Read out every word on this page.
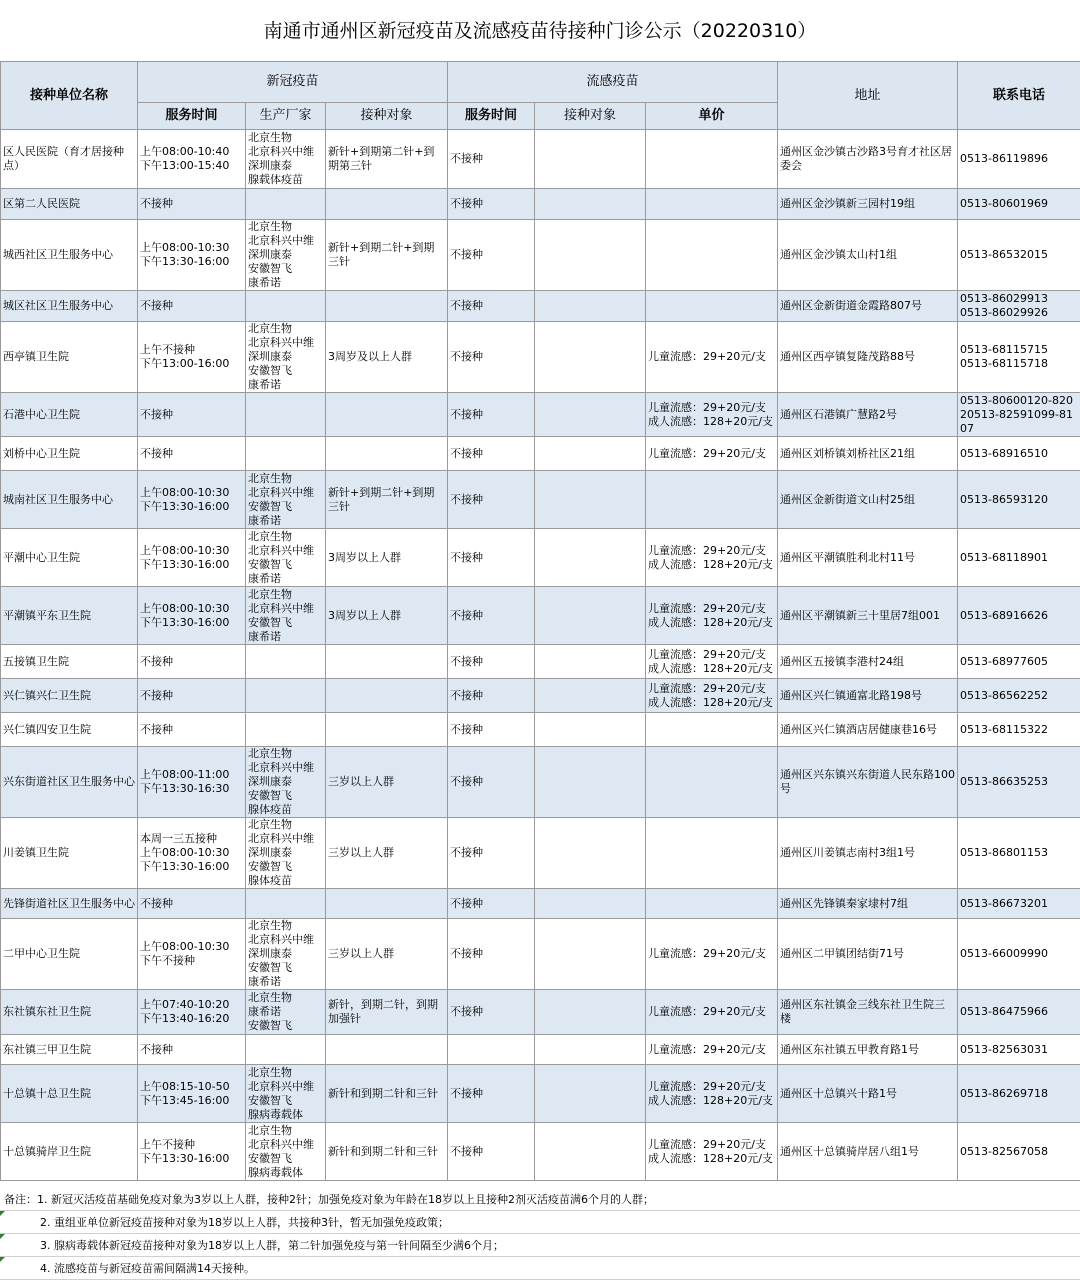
南通市通州区新冠疫苗及流感疫苗待接种门诊公示（20220310）
接种单位名称	新冠疫苗			流感疫苗			地址	联系电话
	服务时间	生产厂家	接种对象	服务时间	接种对象	单价		
区人民医院（育才居接种点）	上午08:00-10:40
下午13:00-15:40	北京生物
北京科兴中维
深圳康泰
腺载体疫苗	新针+到期第二针+到期第三针	不接种			通州区金沙镇古沙路3号育才社区居委会	0513-86119896
区第二人民医院	不接种			不接种			通州区金沙镇新三园村19组	0513-80601969
城西社区卫生服务中心	上午08:00-10:30
下午13:30-16:00	北京生物
北京科兴中维
深圳康泰
安徽智飞
康希诺	新针+到期二针+到期三针	不接种			通州区金沙镇太山村1组	0513-86532015
城区社区卫生服务中心	不接种			不接种			通州区金新街道金霞路807号	0513-86029913
0513-86029926
西亭镇卫生院	上午不接种
下午13:00-16:00	北京生物
北京科兴中维
深圳康泰
安徽智飞
康希诺	3周岁及以上人群	不接种		儿童流感：29+20元/支	通州区西亭镇复隆茂路88号	0513-68115715
0513-68115718
石港中心卫生院	不接种			不接种		儿童流感：29+20元/支
成人流感：128+20元/支	通州区石港镇广慧路2号	0513-80600120-82020513-82591099-8107
刘桥中心卫生院	不接种			不接种		儿童流感：29+20元/支	通州区刘桥镇刘桥社区21组	0513-68916510
城南社区卫生服务中心	上午08:00-10:30
下午13:30-16:00	北京生物
北京科兴中维
安徽智飞
康希诺	新针+到期二针+到期三针	不接种			通州区金新街道文山村25组	0513-86593120
平潮中心卫生院	上午08:00-10:30
下午13:30-16:00	北京生物
北京科兴中维
安徽智飞
康希诺	3周岁以上人群	不接种		儿童流感：29+20元/支
成人流感：128+20元/支	通州区平潮镇胜利北村11号	0513-68118901
平潮镇平东卫生院	上午08:00-10:30
下午13:30-16:00	北京生物
北京科兴中维
安徽智飞
康希诺	3周岁以上人群	不接种		儿童流感：29+20元/支
成人流感：128+20元/支	通州区平潮镇新三十里居7组001	0513-68916626
五接镇卫生院	不接种			不接种		儿童流感：29+20元/支
成人流感：128+20元/支	通州区五接镇李港村24组	0513-68977605
兴仁镇兴仁卫生院	不接种			不接种		儿童流感：29+20元/支
成人流感：128+20元/支	通州区兴仁镇通富北路198号	0513-86562252
兴仁镇四安卫生院	不接种			不接种			通州区兴仁镇酒店居健康巷16号	0513-68115322
兴东街道社区卫生服务中心	上午08:00-11:00
下午13:30-16:30	北京生物
北京科兴中维
深圳康泰
安徽智飞
腺体疫苗	三岁以上人群	不接种			通州区兴东镇兴东街道人民东路100号	0513-86635253
川姜镇卫生院	本周一三五接种
上午08:00-10:30
下午13:30-16:00	北京生物
北京科兴中维
深圳康泰
安徽智飞
腺体疫苗	三岁以上人群	不接种			通州区川姜镇志南村3组1号	0513-86801153
先锋街道社区卫生服务中心	不接种			不接种			通州区先锋镇秦家埭村7组	0513-86673201
二甲中心卫生院	上午08:00-10:30
下午不接种	北京生物
北京科兴中维
深圳康泰
安徽智飞
康希诺	三岁以上人群	不接种		儿童流感：29+20元/支	通州区二甲镇团结街71号	0513-66009990
东社镇东社卫生院	上午07:40-10:20
下午13:40-16:20	北京生物
康希诺
安徽智飞	新针，到期二针，到期加强针	不接种		儿童流感：29+20元/支	通州区东社镇金三线东社卫生院三楼	0513-86475966
东社镇三甲卫生院	不接种					儿童流感：29+20元/支	通州区东社镇五甲教育路1号	0513-82563031
十总镇十总卫生院	上午08:15-10-50
下午13:45-16:00	北京生物
北京科兴中维
安徽智飞
腺病毒载体	新针和到期二针和三针	不接种		儿童流感：29+20元/支
成人流感：128+20元/支	通州区十总镇兴十路1号	0513-86269718
十总镇骑岸卫生院	上午不接种
下午13:30-16:00	北京生物
北京科兴中维
安徽智飞
腺病毒载体	新针和到期二针和三针	不接种		儿童流感：29+20元/支
成人流感：128+20元/支	通州区十总镇骑岸居八组1号	0513-82567058
备注：1. 新冠灭活疫苗基础免疫对象为3岁以上人群，接种2针；加强免疫对象为年龄在18岁以上且接种2剂灭活疫苗满6个月的人群；
2. 重组亚单位新冠疫苗接种对象为18岁以上人群，共接种3针，暂无加强免疫政策；
3. 腺病毒载体新冠疫苗接种对象为18岁以上人群，第二针加强免疫与第一针间隔至少满6个月；
4. 流感疫苗与新冠疫苗需间隔满14天接种。
